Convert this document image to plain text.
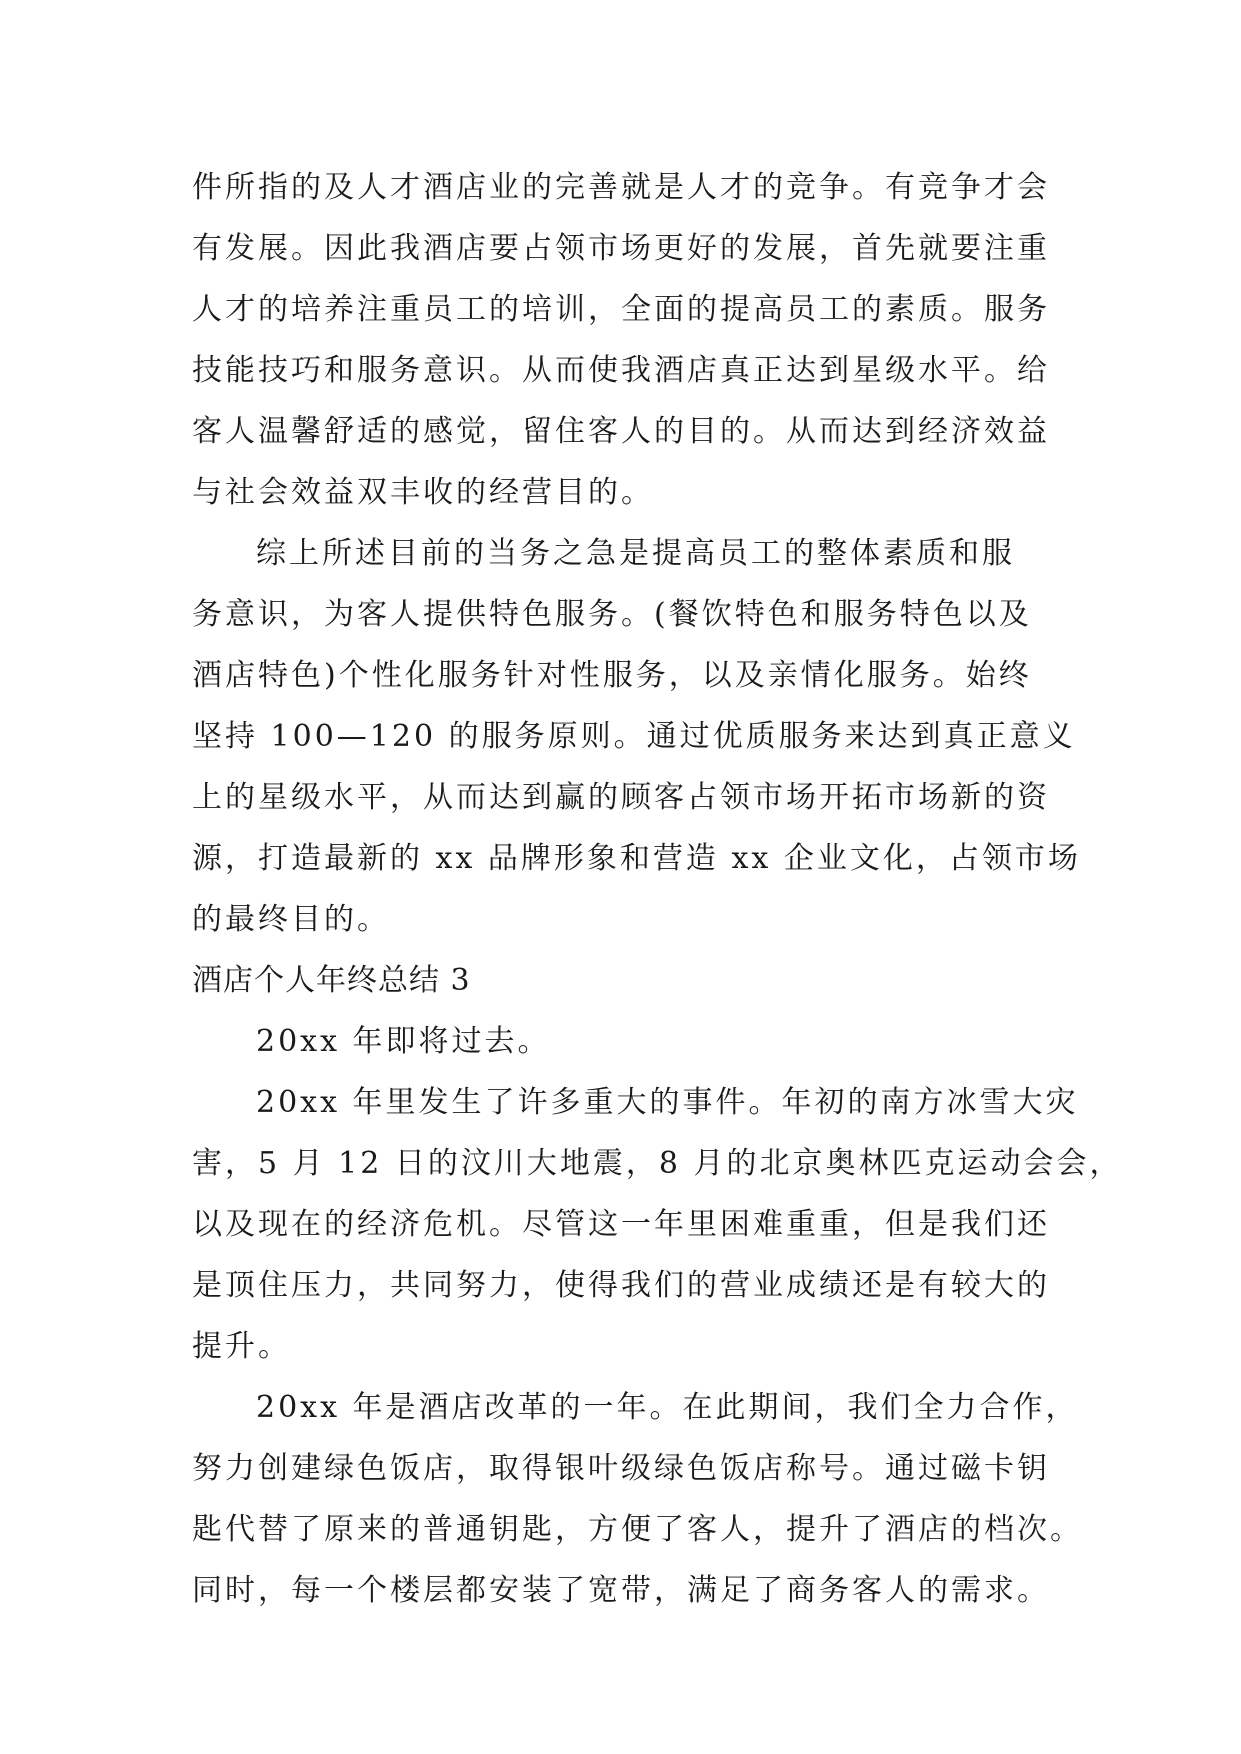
件所指的及人才酒店业的完善就是人才的竞争。有竞争才会
有发展。因此我酒店要占领市场更好的发展，首先就要注重
人才的培养注重员工的培训，全面的提高员工的素质。服务
技能技巧和服务意识。从而使我酒店真正达到星级水平。给
客人温馨舒适的感觉，留住客人的目的。从而达到经济效益
与社会效益双丰收的经营目的。
综上所述目前的当务之急是提高员工的整体素质和服
务意识，为客人提供特色服务。(餐饮特色和服务特色以及
酒店特色)个性化服务针对性服务，以及亲情化服务。始终
坚持 100—120 的服务原则。通过优质服务来达到真正意义
上的星级水平，从而达到赢的顾客占领市场开拓市场新的资
源，打造最新的 xx 品牌形象和营造 xx 企业文化，占领市场
的最终目的。
酒店个人年终总结 3
20xx 年即将过去。
20xx 年里发生了许多重大的事件。年初的南方冰雪大灾
害，5 月 12 日的汶川大地震，8 月的北京奥林匹克运动会会，
以及现在的经济危机。尽管这一年里困难重重，但是我们还
是顶住压力，共同努力，使得我们的营业成绩还是有较大的
提升。
20xx 年是酒店改革的一年。在此期间，我们全力合作，
努力创建绿色饭店，取得银叶级绿色饭店称号。通过磁卡钥
匙代替了原来的普通钥匙，方便了客人，提升了酒店的档次。
同时，每一个楼层都安装了宽带，满足了商务客人的需求。
